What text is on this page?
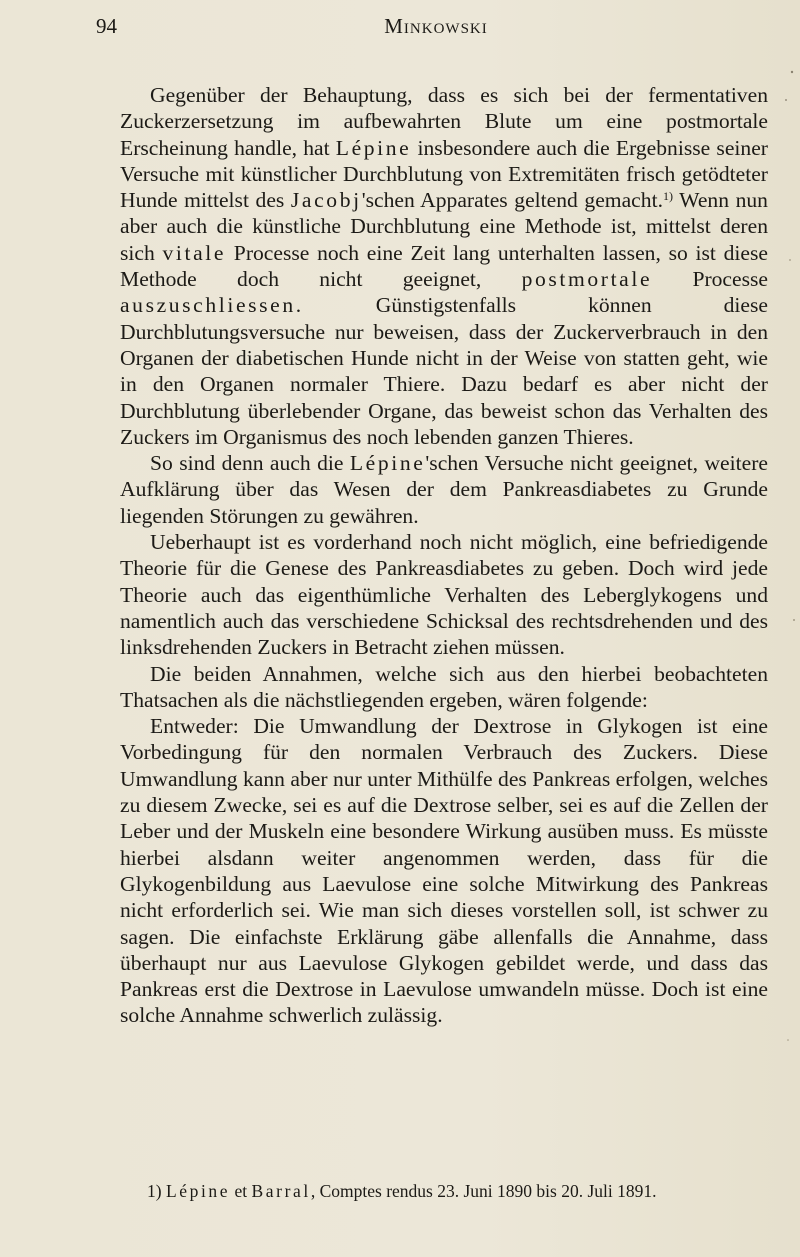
94	Minkowski

Gegenüber der Behauptung, dass es sich bei der fermentativen Zuckerzersetzung im aufbewahrten Blute um eine postmortale Erscheinung handle, hat Lépine insbesondere auch die Ergebnisse seiner Versuche mit künstlicher Durchblutung von Extremitäten frisch getödteter Hunde mittelst des Jacobj'schen Apparates geltend gemacht.$^{1)}$ Wenn nun aber auch die künstliche Durchblutung eine Methode ist, mittelst deren sich vitale Processe noch eine Zeit lang unterhalten lassen, so ist diese Methode doch nicht geeignet, postmortale Processe auszuschliessen. Günstigstenfalls können diese Durchblutungsversuche nur beweisen, dass der Zuckerverbrauch in den Organen der diabetischen Hunde nicht in der Weise von statten geht, wie in den Organen normaler Thiere. Dazu bedarf es aber nicht der Durchblutung überlebender Organe, das beweist schon das Verhalten des Zuckers im Organismus des noch lebenden ganzen Thieres.

So sind denn auch die Lépine'schen Versuche nicht geeignet, weitere Aufklärung über das Wesen der dem Pankreasdiabetes zu Grunde liegenden Störungen zu gewähren.

Ueberhaupt ist es vorderhand noch nicht möglich, eine befriedigende Theorie für die Genese des Pankreasdiabetes zu geben. Doch wird jede Theorie auch das eigenthümliche Verhalten des Leberglykogens und namentlich auch das verschiedene Schicksal des rechtsdrehenden und des linksdrehenden Zuckers in Betracht ziehen müssen.

Die beiden Annahmen, welche sich aus den hierbei beobachteten Thatsachen als die nächstliegenden ergeben, wären folgende:

Entweder: Die Umwandlung der Dextrose in Glykogen ist eine Vorbedingung für den normalen Verbrauch des Zuckers. Diese Umwandlung kann aber nur unter Mithülfe des Pankreas erfolgen, welches zu diesem Zwecke, sei es auf die Dextrose selber, sei es auf die Zellen der Leber und der Muskeln eine besondere Wirkung ausüben muss. Es müsste hierbei alsdann weiter angenommen werden, dass für die Glykogenbildung aus Laevulose eine solche Mitwirkung des Pankreas nicht erforderlich sei. Wie man sich dieses vorstellen soll, ist schwer zu sagen. Die einfachste Erklärung gäbe allenfalls die Annahme, dass überhaupt nur aus Laevulose Glykogen gebildet werde, und dass das Pankreas erst die Dextrose in Laevulose umwandeln müsse. Doch ist eine solche Annahme schwerlich zulässig.

1) Lépine et Barral, Comptes rendus 23. Juni 1890 bis 20. Juli 1891.
